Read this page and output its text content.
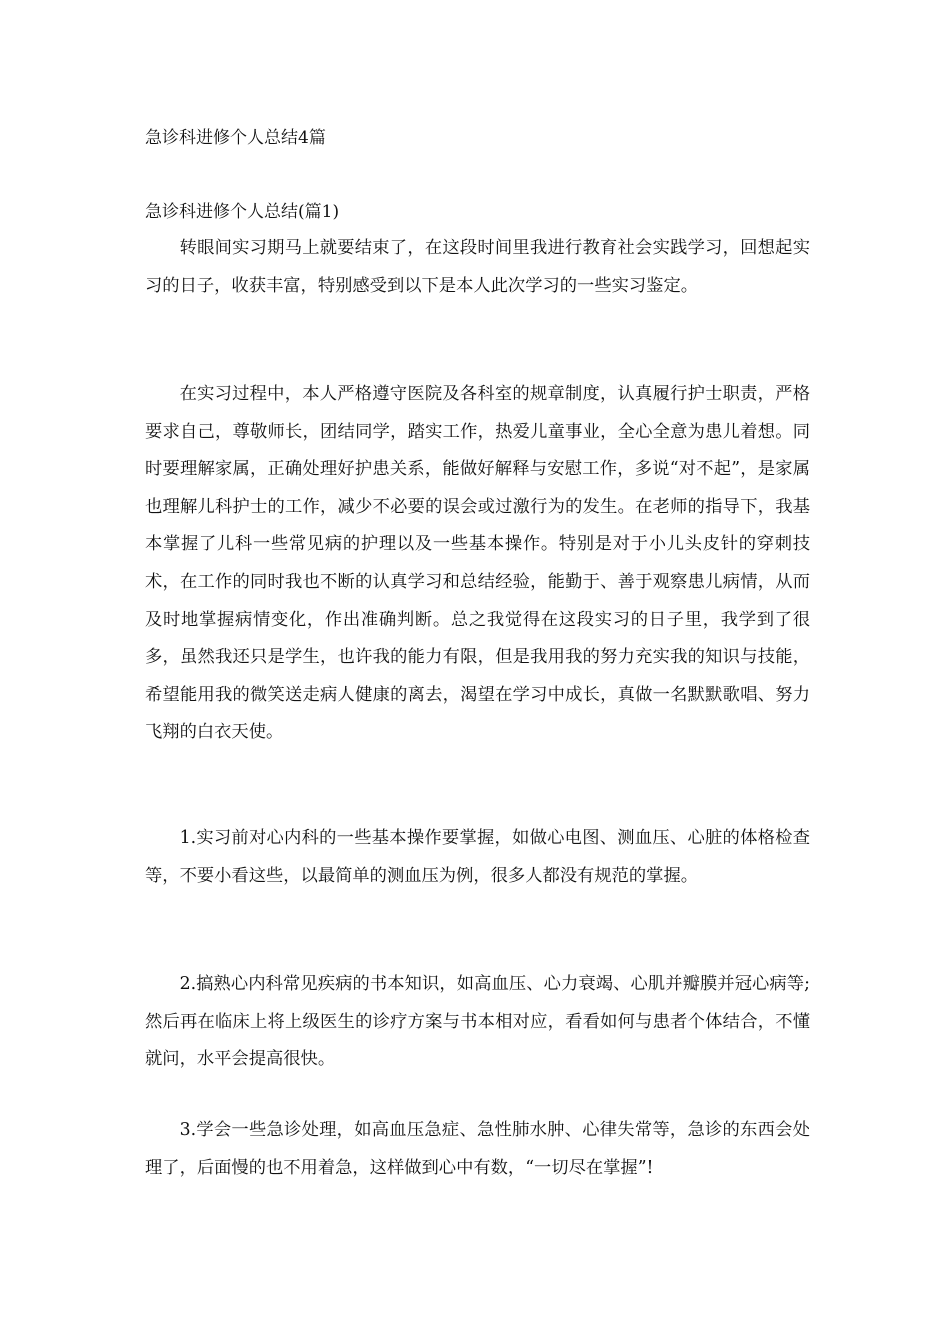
急诊科进修个人总结4篇
急诊科进修个人总结(篇1)

转眼间实习期马上就要结束了，在这段时间里我进行教育社会实践学习，回想起实习的日子，收获丰富，特别感受到以下是本人此次学习的一些实习鉴定。

在实习过程中，本人严格遵守医院及各科室的规章制度，认真履行护士职责，严格要求自己，尊敬师长，团结同学，踏实工作，热爱儿童事业，全心全意为患儿着想。同时要理解家属，正确处理好护患关系，能做好解释与安慰工作，多说“对不起”，是家属也理解儿科护士的工作，减少不必要的误会或过激行为的发生。在老师的指导下，我基本掌握了儿科一些常见病的护理以及一些基本操作。特别是对于小儿头皮针的穿刺技术，在工作的同时我也不断的认真学习和总结经验，能勤于、善于观察患儿病情，从而及时地掌握病情变化，作出准确判断。总之我觉得在这段实习的日子里，我学到了很多，虽然我还只是学生，也许我的能力有限，但是我用我的努力充实我的知识与技能，希望能用我的微笑送走病人健康的离去，渴望在学习中成长，真做一名默默歌唱、努力飞翔的白衣天使。

1.实习前对心内科的一些基本操作要掌握，如做心电图、测血压、心脏的体格检查等，不要小看这些，以最简单的测血压为例，很多人都没有规范的掌握。

2.搞熟心内科常见疾病的书本知识，如高血压、心力衰竭、心肌并瓣膜并冠心病等;然后再在临床上将上级医生的诊疗方案与书本相对应，看看如何与患者个体结合，不懂就问，水平会提高很快。

3.学会一些急诊处理，如高血压急症、急性肺水肿、心律失常等，急诊的东西会处理了，后面慢的也不用着急，这样做到心中有数，“一切尽在掌握”!
